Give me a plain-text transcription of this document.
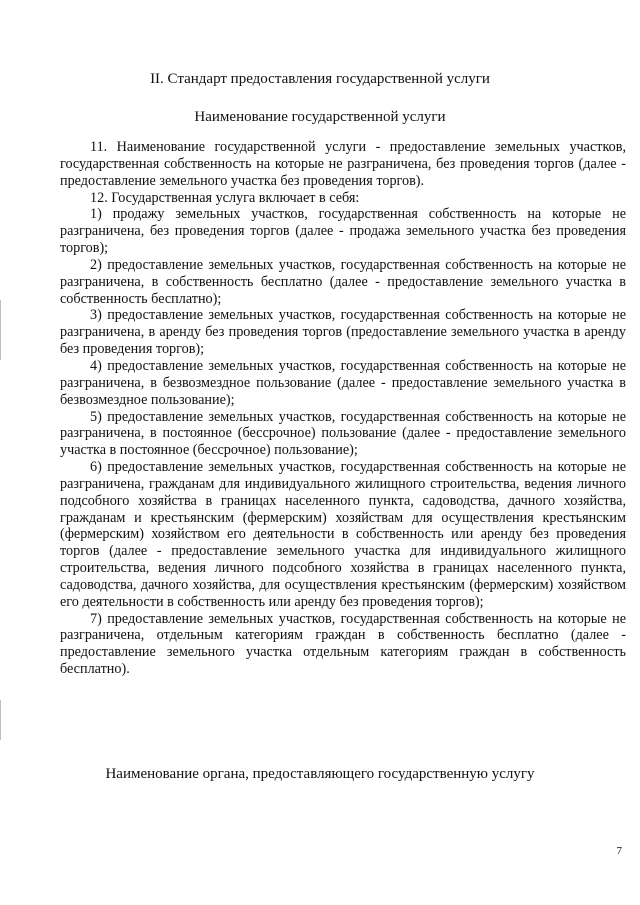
II. Стандарт предоставления государственной услуги
Наименование государственной услуги

11. Наименование государственной услуги - предоставление земельных участков, государственная собственность на которые не разграничена, без проведения торгов (далее - предоставление земельного участка без проведения торгов).

12. Государственная услуга включает в себя:

1) продажу земельных участков, государственная собственность на которые не разграничена, без проведения торгов (далее - продажа земельного участка без проведения торгов);

2) предоставление земельных участков, государственная собственность на которые не разграничена, в собственность бесплатно (далее - предоставление земельного участка в собственность бесплатно);

3) предоставление земельных участков, государственная собственность на которые не разграничена, в аренду без проведения торгов (предоставление земельного участка в аренду без проведения торгов);

4) предоставление земельных участков, государственная собственность на которые не разграничена, в безвозмездное пользование (далее - предоставление земельного участка в безвозмездное пользование);

5) предоставление земельных участков, государственная собственность на которые не разграничена, в постоянное (бессрочное) пользование (далее - предоставление земельного участка в постоянное (бессрочное) пользование);

6) предоставление земельных участков, государственная собственность на которые не разграничена, гражданам для индивидуального жилищного строительства, ведения личного подсобного хозяйства в границах населенного пункта, садоводства, дачного хозяйства, гражданам и крестьянским (фермерским) хозяйствам для осуществления крестьянским (фермерским) хозяйством его деятельности в собственность или аренду без проведения торгов (далее - предоставление земельного участка для индивидуального жилищного строительства, ведения личного подсобного хозяйства в границах населенного пункта, садоводства, дачного хозяйства, для осуществления крестьянским (фермерским) хозяйством его деятельности в собственность или аренду без проведения торгов);

7) предоставление земельных участков, государственная собственность на которые не разграничена, отдельным категориям граждан в собственность бесплатно (далее - предоставление земельного участка отдельным категориям граждан в собственность бесплатно).

Наименование органа, предоставляющего государственную услугу
7
